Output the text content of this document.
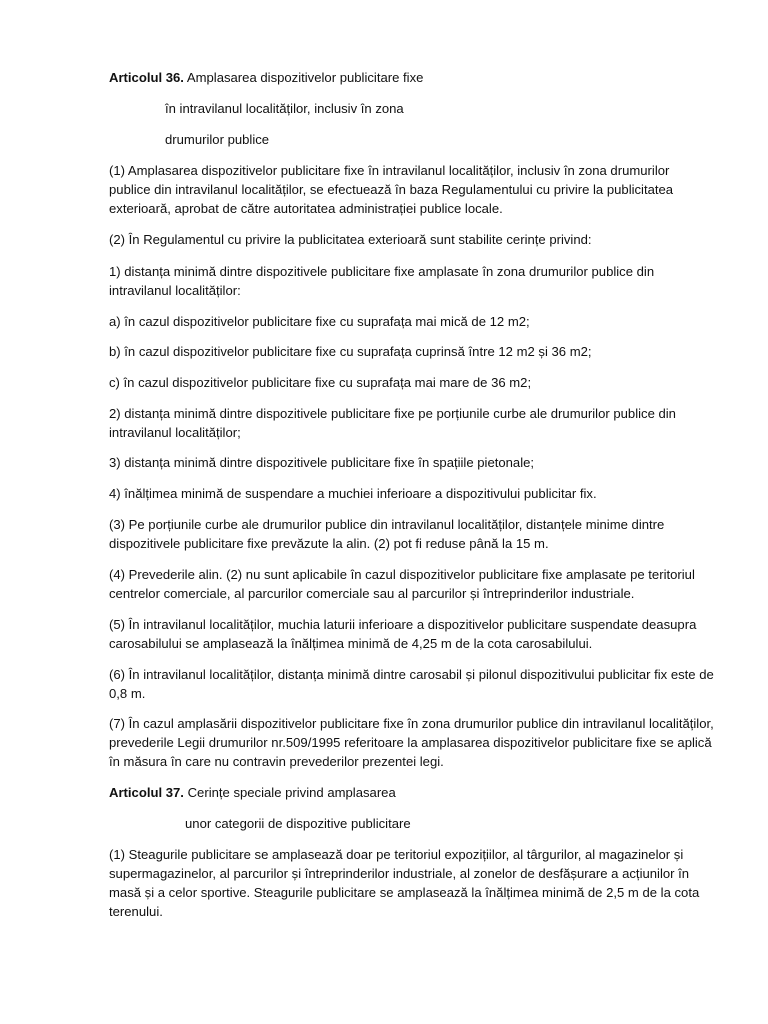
Articolul 36. Amplasarea dispozitivelor publicitare fixe

în intravilanul localităților, inclusiv în zona

drumurilor publice

(1) Amplasarea dispozitivelor publicitare fixe în intravilanul localităților, inclusiv în zona drumurilor publice din intravilanul localităților, se efectuează în baza Regulamentului cu privire la publicitatea exterioară, aprobat de către autoritatea administrației publice locale.

(2) În Regulamentul cu privire la publicitatea exterioară sunt stabilite cerințe privind:

1) distanța minimă dintre dispozitivele publicitare fixe amplasate în zona drumurilor publice din intravilanul localităților:

a) în cazul dispozitivelor publicitare fixe cu suprafața mai mică de 12 m2;

b) în cazul dispozitivelor publicitare fixe cu suprafața cuprinsă între 12 m2 și 36 m2;

c) în cazul dispozitivelor publicitare fixe cu suprafața mai mare de 36 m2;

2) distanța minimă dintre dispozitivele publicitare fixe pe porțiunile curbe ale drumurilor publice din intravilanul localităților;

3) distanța minimă dintre dispozitivele publicitare fixe în spațiile pietonale;

4) înălțimea minimă de suspendare a muchiei inferioare a dispozitivului publicitar fix.

(3) Pe porțiunile curbe ale drumurilor publice din intravilanul localităților, distanțele minime dintre dispozitivele publicitare fixe prevăzute la alin. (2) pot fi reduse până la 15 m.

(4) Prevederile alin. (2) nu sunt aplicabile în cazul dispozitivelor publicitare fixe amplasate pe teritoriul centrelor comerciale, al parcurilor comerciale sau al parcurilor și întreprinderilor industriale.

(5) În intravilanul localităților, muchia laturii inferioare a dispozitivelor publicitare suspendate deasupra carosabilului se amplasează la înălțimea minimă de 4,25 m de la cota carosabilului.

(6) În intravilanul localităților, distanța minimă dintre carosabil și pilonul dispozitivului publicitar fix este de 0,8 m.

(7) În cazul amplasării dispozitivelor publicitare fixe în zona drumurilor publice din intravilanul localităților, prevederile Legii drumurilor nr.509/1995 referitoare la amplasarea dispozitivelor publicitare fixe se aplică în măsura în care nu contravin prevederilor prezentei legi.

Articolul 37. Cerințe speciale privind amplasarea

unor categorii de dispozitive publicitare

(1) Steagurile publicitare se amplasează doar pe teritoriul expozițiilor, al târgurilor, al magazinelor și supermagazinelor, al parcurilor și întreprinderilor industriale, al zonelor de desfășurare a acțiunilor în masă și a celor sportive. Steagurile publicitare se amplasează la înălțimea minimă de 2,5 m de la cota terenului.
